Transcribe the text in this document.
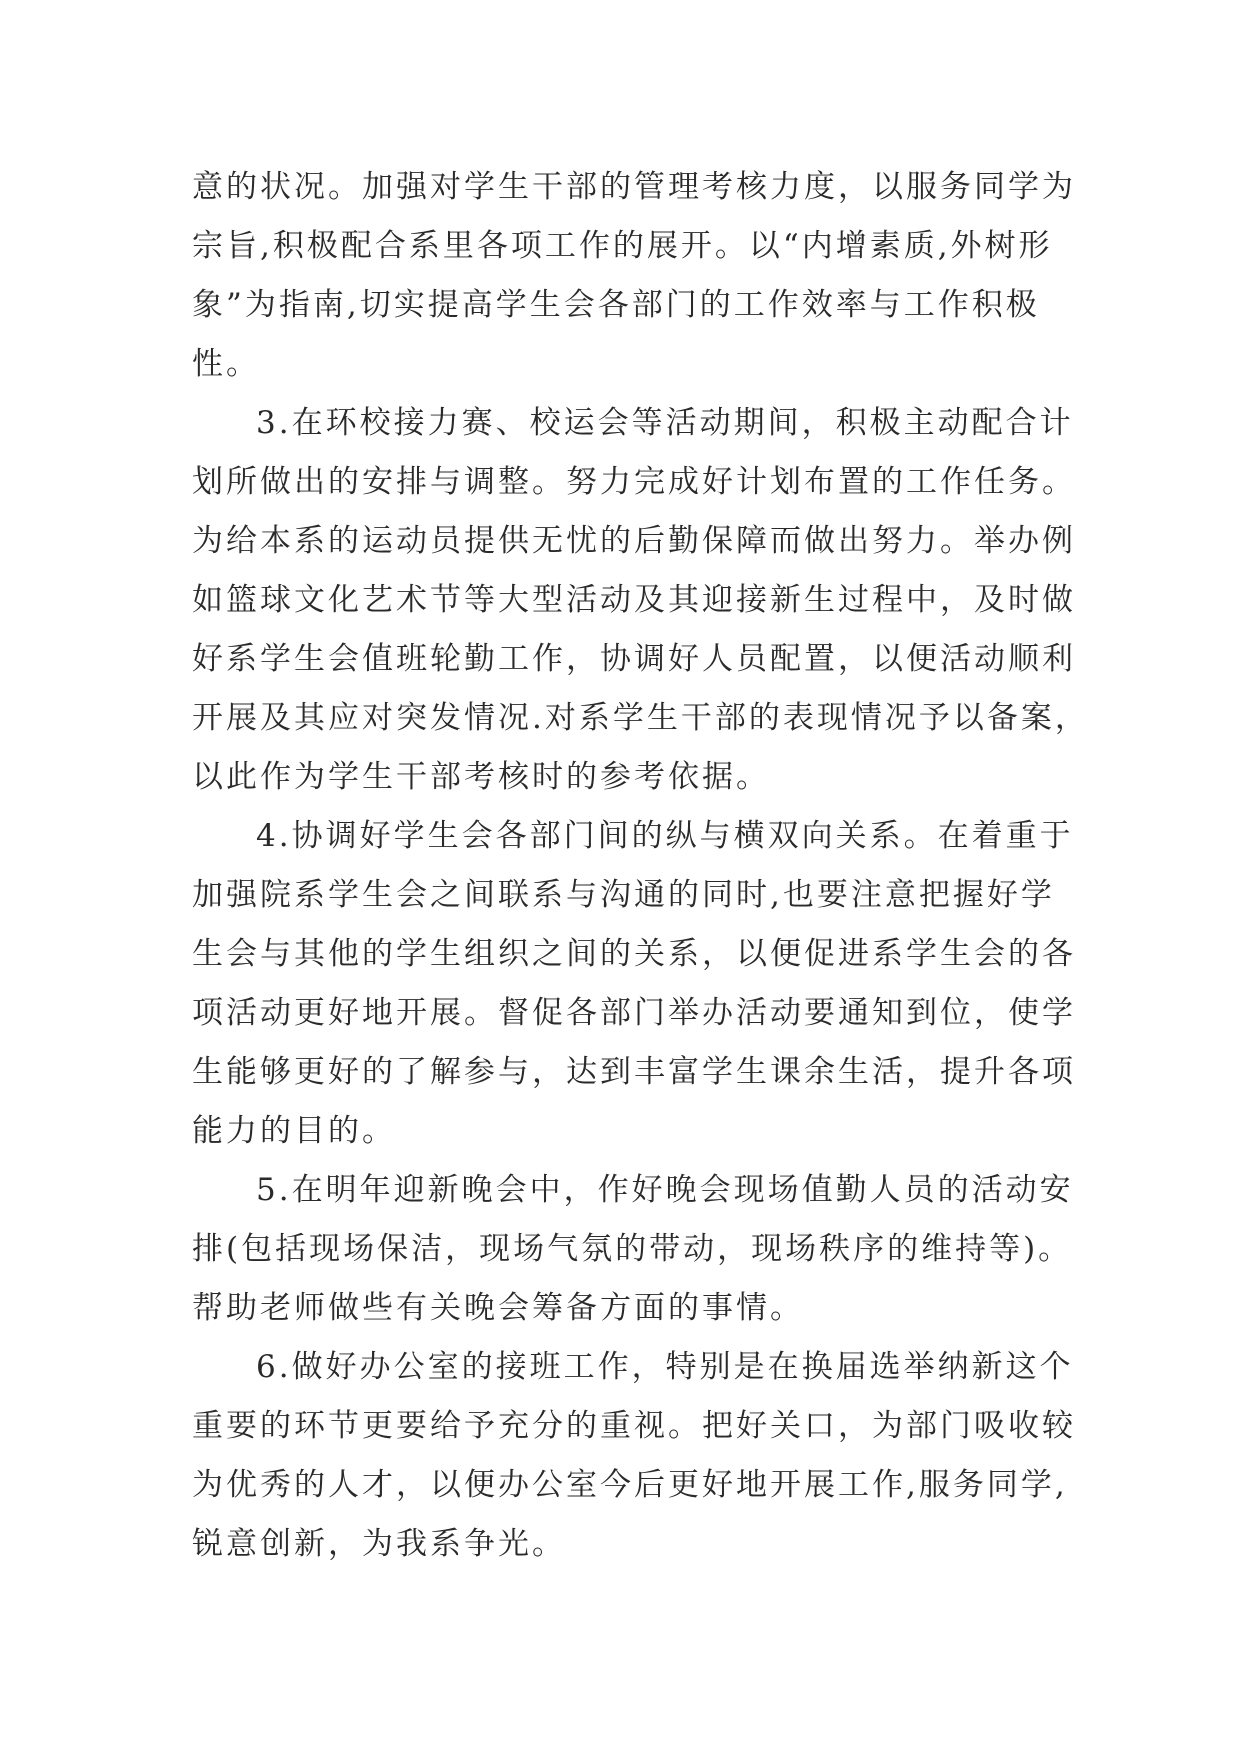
意的状况。加强对学生干部的管理考核力度，以服务同学为
宗旨,积极配合系里各项工作的展开。以“内增素质,外树形
象”为指南,切实提高学生会各部门的工作效率与工作积极
性。
3.在环校接力赛、校运会等活动期间，积极主动配合计
划所做出的安排与调整。努力完成好计划布置的工作任务。
为给本系的运动员提供无忧的后勤保障而做出努力。举办例
如篮球文化艺术节等大型活动及其迎接新生过程中，及时做
好系学生会值班轮勤工作，协调好人员配置，以便活动顺利
开展及其应对突发情况.对系学生干部的表现情况予以备案，
以此作为学生干部考核时的参考依据。
4.协调好学生会各部门间的纵与横双向关系。在着重于
加强院系学生会之间联系与沟通的同时,也要注意把握好学
生会与其他的学生组织之间的关系，以便促进系学生会的各
项活动更好地开展。督促各部门举办活动要通知到位，使学
生能够更好的了解参与，达到丰富学生课余生活，提升各项
能力的目的。
5.在明年迎新晚会中，作好晚会现场值勤人员的活动安
排(包括现场保洁，现场气氛的带动，现场秩序的维持等)。
帮助老师做些有关晚会筹备方面的事情。
6.做好办公室的接班工作，特别是在换届选举纳新这个
重要的环节更要给予充分的重视。把好关口，为部门吸收较
为优秀的人才，以便办公室今后更好地开展工作,服务同学,
锐意创新，为我系争光。
